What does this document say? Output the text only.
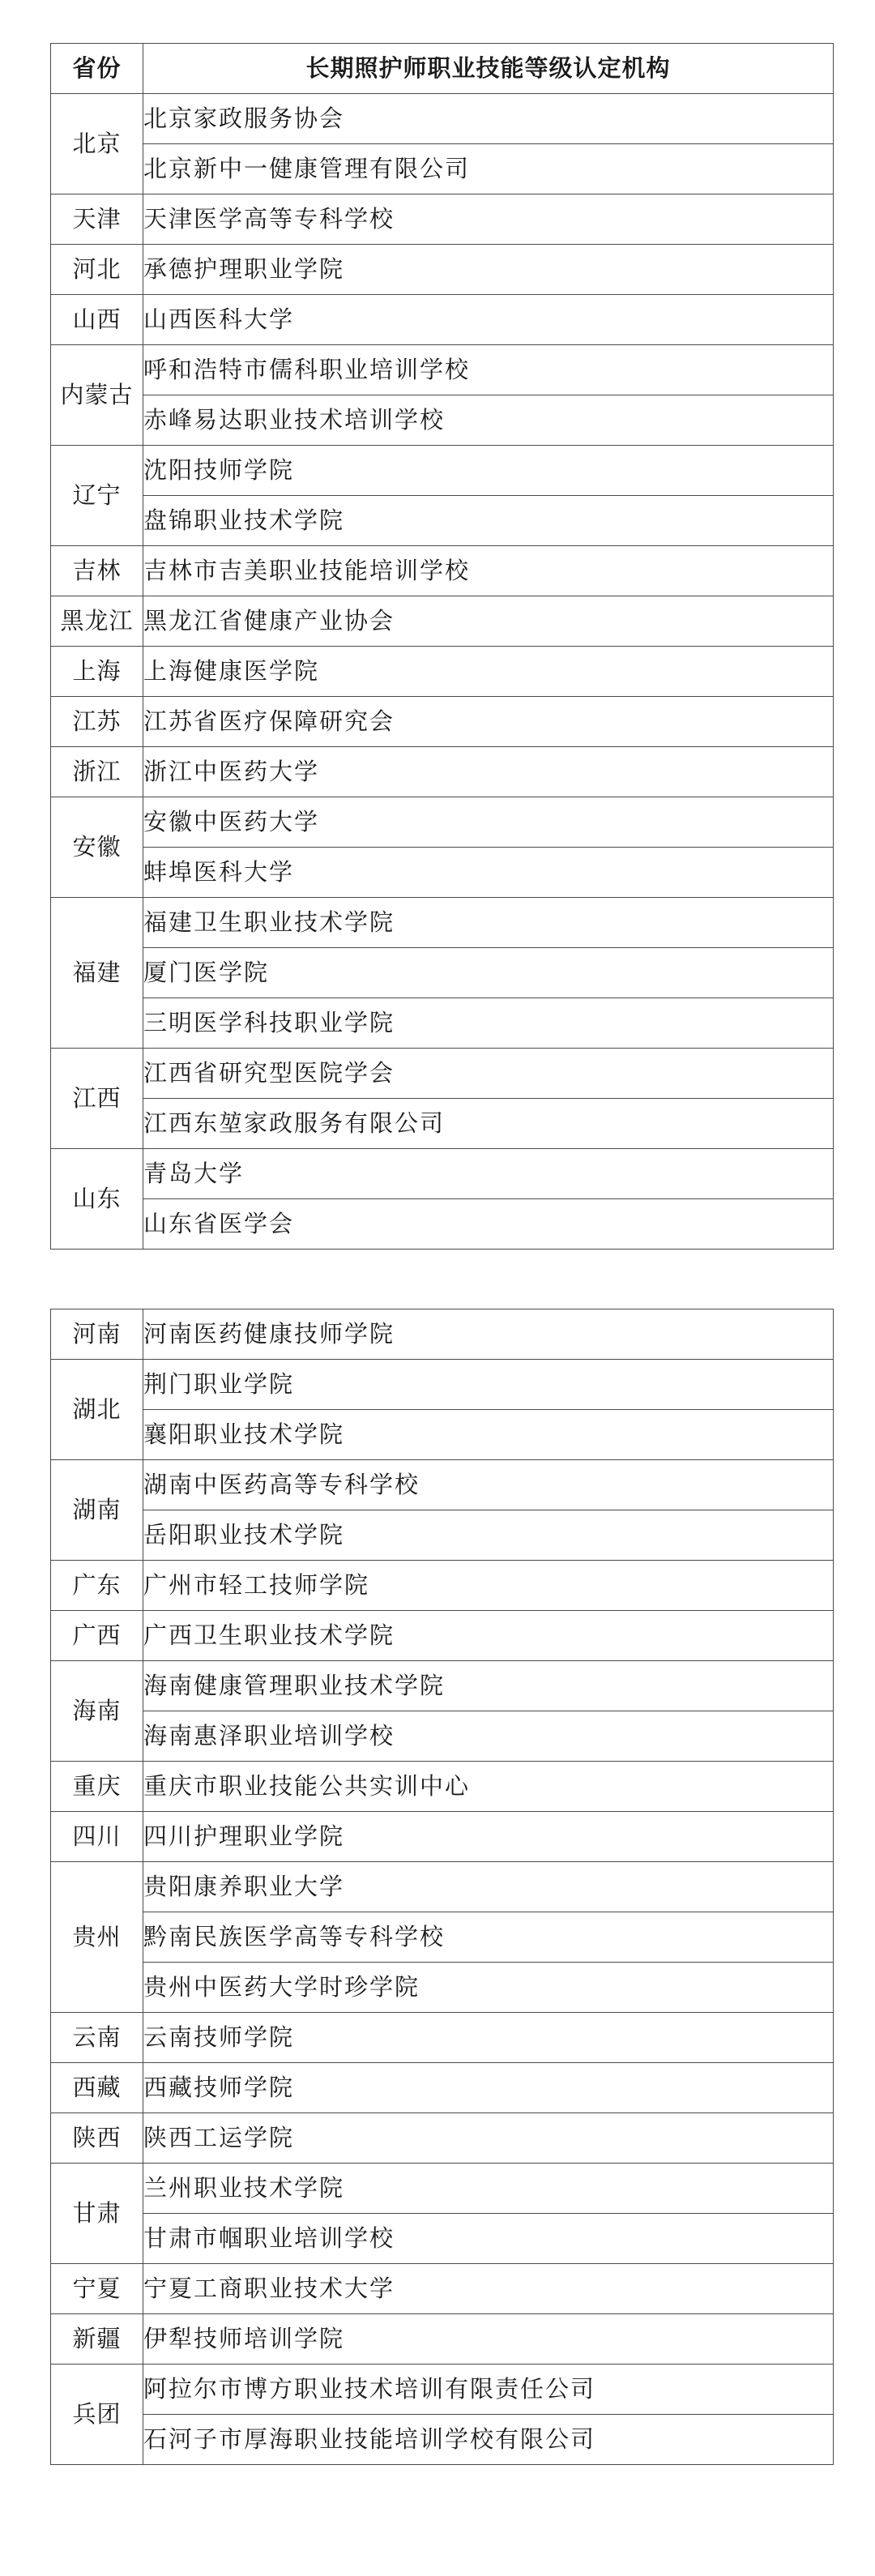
省份	长期照护师职业技能等级认定机构
北京	北京家政服务协会
	北京新中一健康管理有限公司
天津	天津医学高等专科学校
河北	承德护理职业学院
山西	山西医科大学
内蒙古	呼和浩特市儒科职业培训学校
	赤峰易达职业技术培训学校
辽宁	沈阳技师学院
	盘锦职业技术学院
吉林	吉林市吉美职业技能培训学校
黑龙江	黑龙江省健康产业协会
上海	上海健康医学院
江苏	江苏省医疗保障研究会
浙江	浙江中医药大学
安徽	安徽中医药大学
	蚌埠医科大学
福建	福建卫生职业技术学院
	厦门医学院
	三明医学科技职业学院
江西	江西省研究型医院学会
	江西东堃家政服务有限公司
山东	青岛大学
	山东省医学会
河南	河南医药健康技师学院
湖北	荆门职业学院
	襄阳职业技术学院
湖南	湖南中医药高等专科学校
	岳阳职业技术学院
广东	广州市轻工技师学院
广西	广西卫生职业技术学院
海南	海南健康管理职业技术学院
	海南惠泽职业培训学校
重庆	重庆市职业技能公共实训中心
四川	四川护理职业学院
贵州	贵阳康养职业大学
	黔南民族医学高等专科学校
	贵州中医药大学时珍学院
云南	云南技师学院
西藏	西藏技师学院
陕西	陕西工运学院
甘肃	兰州职业技术学院
	甘肃市帼职业培训学校
宁夏	宁夏工商职业技术大学
新疆	伊犁技师培训学院
兵团	阿拉尔市博方职业技术培训有限责任公司
	石河子市厚海职业技能培训学校有限公司
